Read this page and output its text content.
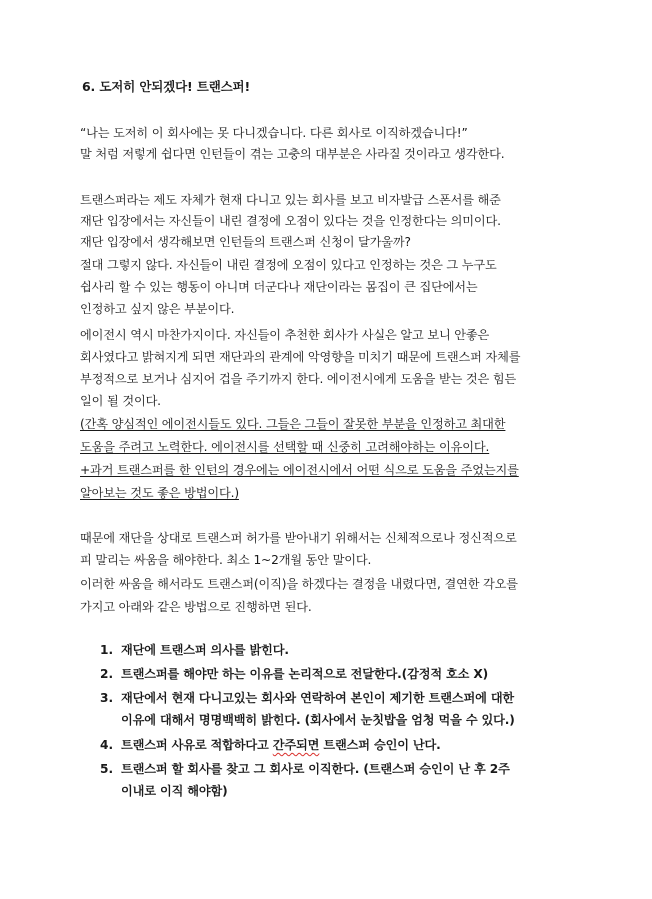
6. 도저히 안되겠다! 트랜스퍼!
“나는 도저히 이 회사에는 못 다니겠습니다. 다른 회사로 이직하겠습니다!”
말 처럼 저렇게 쉽다면 인턴들이 겪는 고충의 대부분은 사라질 것이라고 생각한다.
트랜스퍼라는 제도 자체가 현재 다니고 있는 회사를 보고 비자발급 스폰서를 해준
재단 입장에서는 자신들이 내린 결정에 오점이 있다는 것을 인정한다는 의미이다.
재단 입장에서 생각해보면 인턴들의 트랜스퍼 신청이 달가울까?
절대 그렇지 않다. 자신들이 내린 결정에 오점이 있다고 인정하는 것은 그 누구도
쉽사리 할 수 있는 행동이 아니며 더군다나 재단이라는 몸집이 큰 집단에서는
인정하고 싶지 않은 부분이다.
에이전시 역시 마찬가지이다. 자신들이 추천한 회사가 사실은 알고 보니 안좋은
회사였다고 밝혀지게 되면 재단과의 관계에 악영향을 미치기 때문에 트랜스퍼 자체를
부정적으로 보거나 심지어 겁을 주기까지 한다. 에이전시에게 도움을 받는 것은 힘든
일이 될 것이다.
(간혹 양심적인 에이전시들도 있다. 그들은 그들이 잘못한 부분을 인정하고 최대한
도움을 주려고 노력한다. 에이전시를 선택할 때 신중히 고려해야하는 이유이다.
+과거 트랜스퍼를 한 인턴의 경우에는 에이전시에서 어떤 식으로 도움을 주었는지를
알아보는 것도 좋은 방법이다.)
때문에 재단을 상대로 트랜스퍼 허가를 받아내기 위해서는 신체적으로나 정신적으로
피 말리는 싸움을 해야한다. 최소 1~2개월 동안 말이다.
이러한 싸움을 해서라도 트랜스퍼(이직)을 하겠다는 결정을 내렸다면, 결연한 각오를
가지고 아래와 같은 방법으로 진행하면 된다.
1. 재단에 트랜스퍼 의사를 밝힌다.
2. 트랜스퍼를 해야만 하는 이유를 논리적으로 전달한다.(감정적 호소 X)
3. 재단에서 현재 다니고있는 회사와 연락하여 본인이 제기한 트랜스퍼에 대한
이유에 대해서 명명백백히 밝힌다. (회사에서 눈칫밥을 엄청 먹을 수 있다.)
4. 트랜스퍼 사유로 적합하다고 간주되면 트랜스퍼 승인이 난다.
5. 트랜스퍼 할 회사를 찾고 그 회사로 이직한다. (트랜스퍼 승인이 난 후 2주
이내로 이직 해야함)
